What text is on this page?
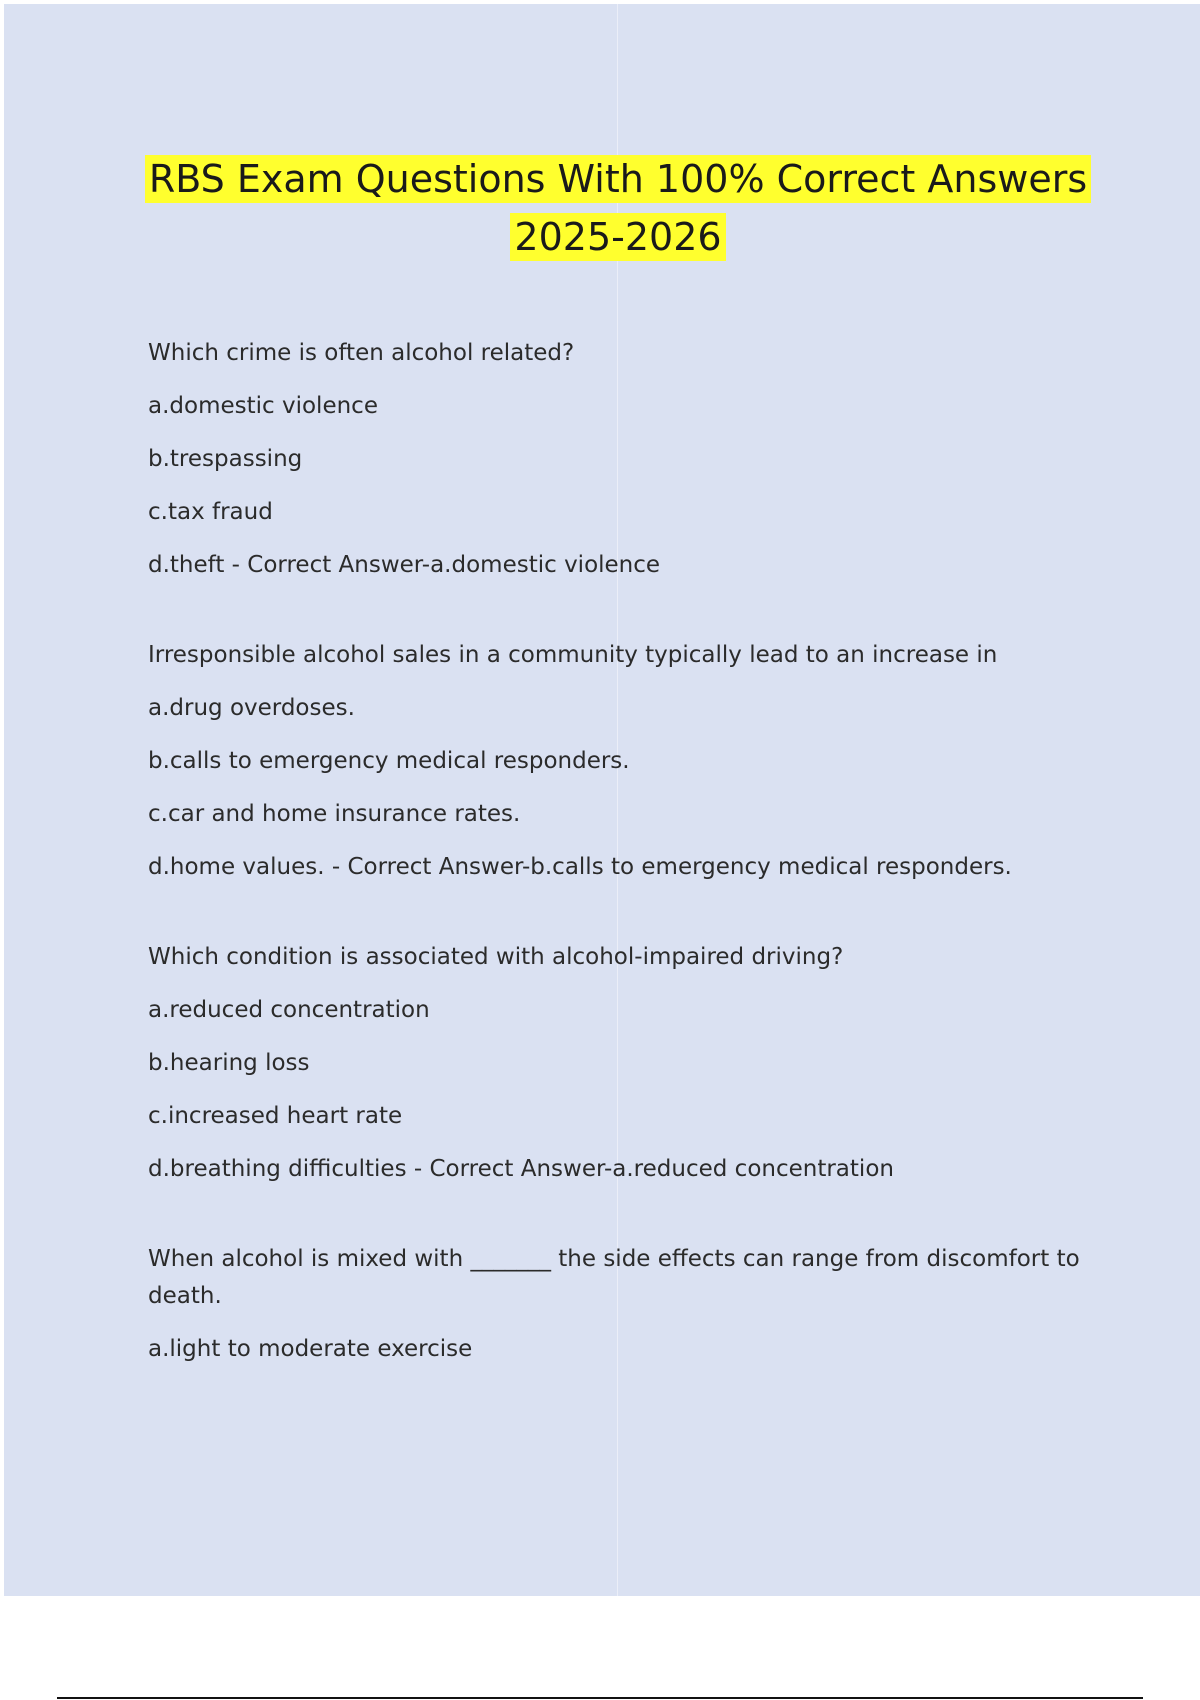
RBS Exam Questions With 100% Correct Answers
2025-2026
Which crime is often alcohol related?
a.domestic violence
b.trespassing
c.tax fraud
d.theft - Correct Answer-a.domestic violence
Irresponsible alcohol sales in a community typically lead to an increase in
a.drug overdoses.
b.calls to emergency medical responders.
c.car and home insurance rates.
d.home values. - Correct Answer-b.calls to emergency medical responders.
Which condition is associated with alcohol-impaired driving?
a.reduced concentration
b.hearing loss
c.increased heart rate
d.breathing difficulties - Correct Answer-a.reduced concentration
When alcohol is mixed with _______ the side effects can range from discomfort to death.
a.light to moderate exercise
